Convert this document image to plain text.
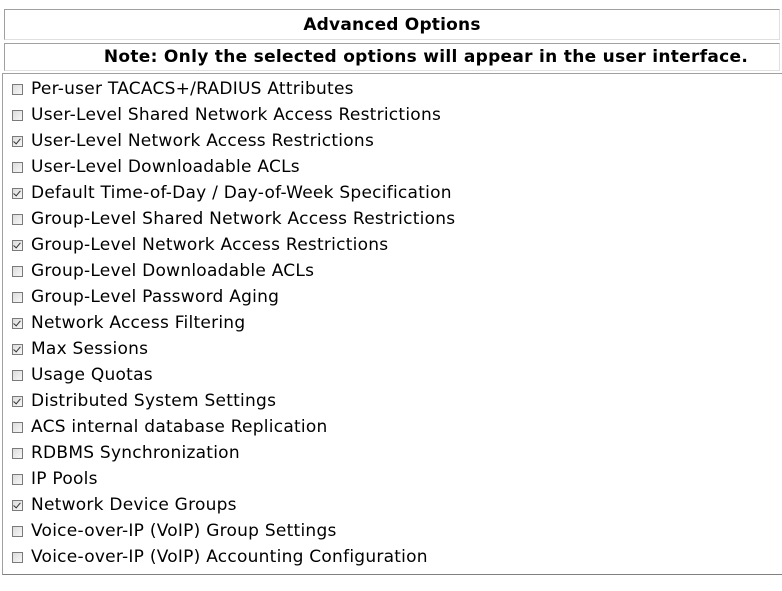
Advanced Options
Note: Only the selected options will appear in the user interface.
Per-user TACACS+/RADIUS Attributes
User-Level Shared Network Access Restrictions
User-Level Network Access Restrictions
User-Level Downloadable ACLs
Default Time-of-Day / Day-of-Week Specification
Group-Level Shared Network Access Restrictions
Group-Level Network Access Restrictions
Group-Level Downloadable ACLs
Group-Level Password Aging
Network Access Filtering
Max Sessions
Usage Quotas
Distributed System Settings
ACS internal database Replication
RDBMS Synchronization
IP Pools
Network Device Groups
Voice-over-IP (VoIP) Group Settings
Voice-over-IP (VoIP) Accounting Configuration
